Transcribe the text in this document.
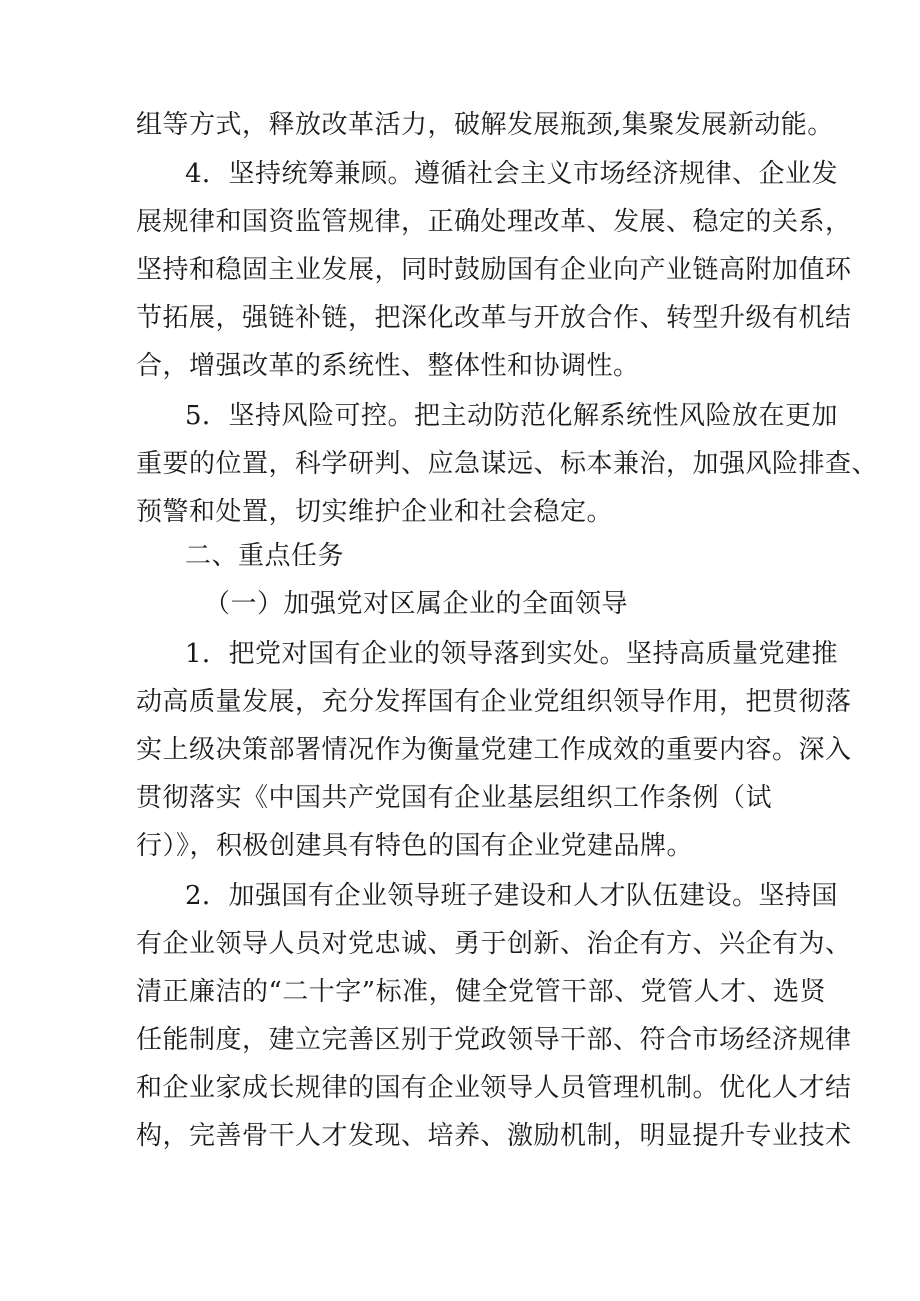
组等方式，释放改革活力，破解发展瓶颈,集聚发展新动能。
4．坚持统筹兼顾。遵循社会主义市场经济规律、企业发
展规律和国资监管规律，正确处理改革、发展、稳定的关系，
坚持和稳固主业发展，同时鼓励国有企业向产业链高附加值环
节拓展，强链补链，把深化改革与开放合作、转型升级有机结
合，增强改革的系统性、整体性和协调性。
5．坚持风险可控。把主动防范化解系统性风险放在更加
重要的位置，科学研判、应急谋远、标本兼治，加强风险排查、
预警和处置，切实维护企业和社会稳定。
二、重点任务
（一）加强党对区属企业的全面领导
1．把党对国有企业的领导落到实处。坚持高质量党建推
动高质量发展，充分发挥国有企业党组织领导作用，把贯彻落
实上级决策部署情况作为衡量党建工作成效的重要内容。深入
贯彻落实《中国共产党国有企业基层组织工作条例（试
行）》，积极创建具有特色的国有企业党建品牌。
2．加强国有企业领导班子建设和人才队伍建设。坚持国
有企业领导人员对党忠诚、勇于创新、治企有方、兴企有为、
清正廉洁的“二十字”标准，健全党管干部、党管人才、选贤
任能制度，建立完善区别于党政领导干部、符合市场经济规律
和企业家成长规律的国有企业领导人员管理机制。优化人才结
构，完善骨干人才发现、培养、激励机制，明显提升专业技术
